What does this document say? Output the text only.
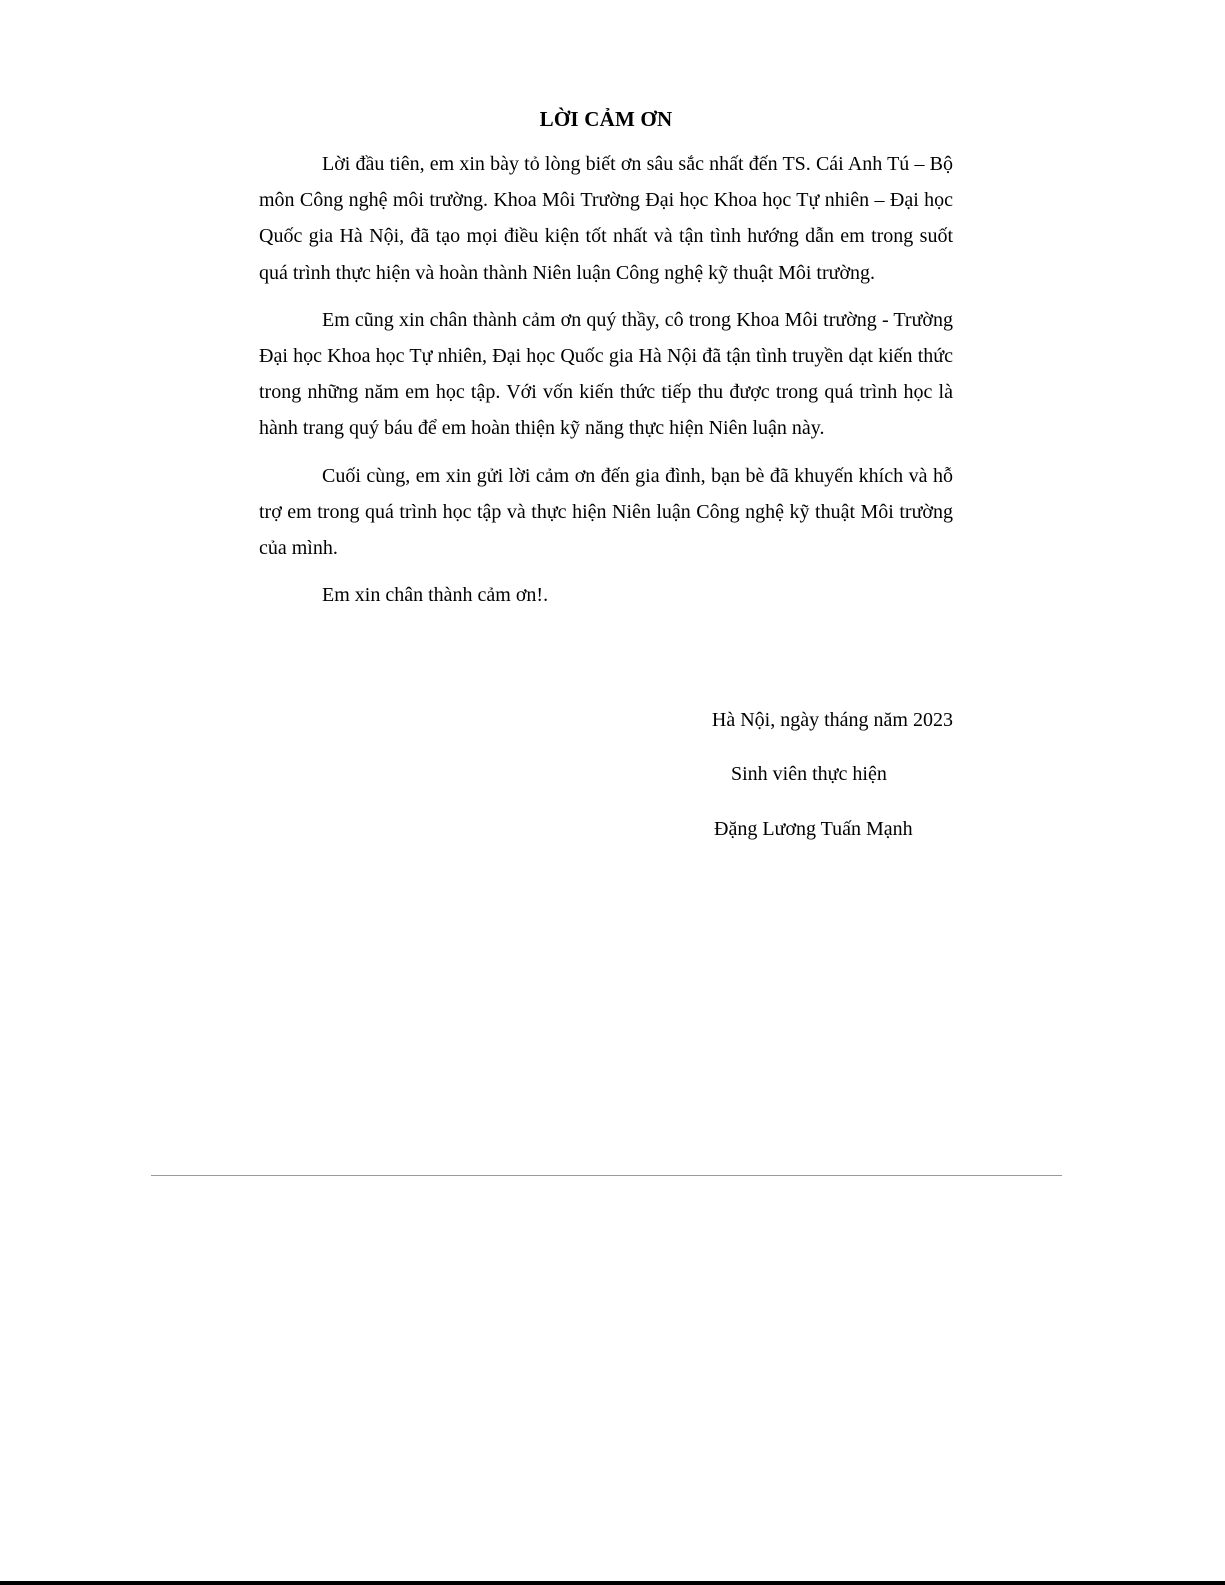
LỜI CẢM ƠN

Lời đầu tiên, em xin bày tỏ lòng biết ơn sâu sắc nhất đến TS. Cái Anh Tú – Bộ môn Công nghệ môi trường. Khoa Môi Trường Đại học Khoa học Tự nhiên – Đại học Quốc gia Hà Nội, đã tạo mọi điều kiện tốt nhất và tận tình hướng dẫn em trong suốt quá trình thực hiện và hoàn thành Niên luận Công nghệ kỹ thuật Môi trường.

Em cũng xin chân thành cảm ơn quý thầy, cô trong Khoa Môi trường - Trường Đại học Khoa học Tự nhiên, Đại học Quốc gia Hà Nội đã tận tình truyền dạt kiến thức trong những năm em học tập. Với vốn kiến thức tiếp thu được trong quá trình học là hành trang quý báu để em hoàn thiện kỹ năng thực hiện Niên luận này.

Cuối cùng, em xin gửi lời cảm ơn đến gia đình, bạn bè đã khuyến khích và hỗ trợ em trong quá trình học tập và thực hiện Niên luận Công nghệ kỹ thuật Môi trường của mình.

Em xin chân thành cảm ơn!.

Hà Nội, ngày tháng năm 2023
Sinh viên thực hiện
Đặng Lương Tuấn Mạnh
